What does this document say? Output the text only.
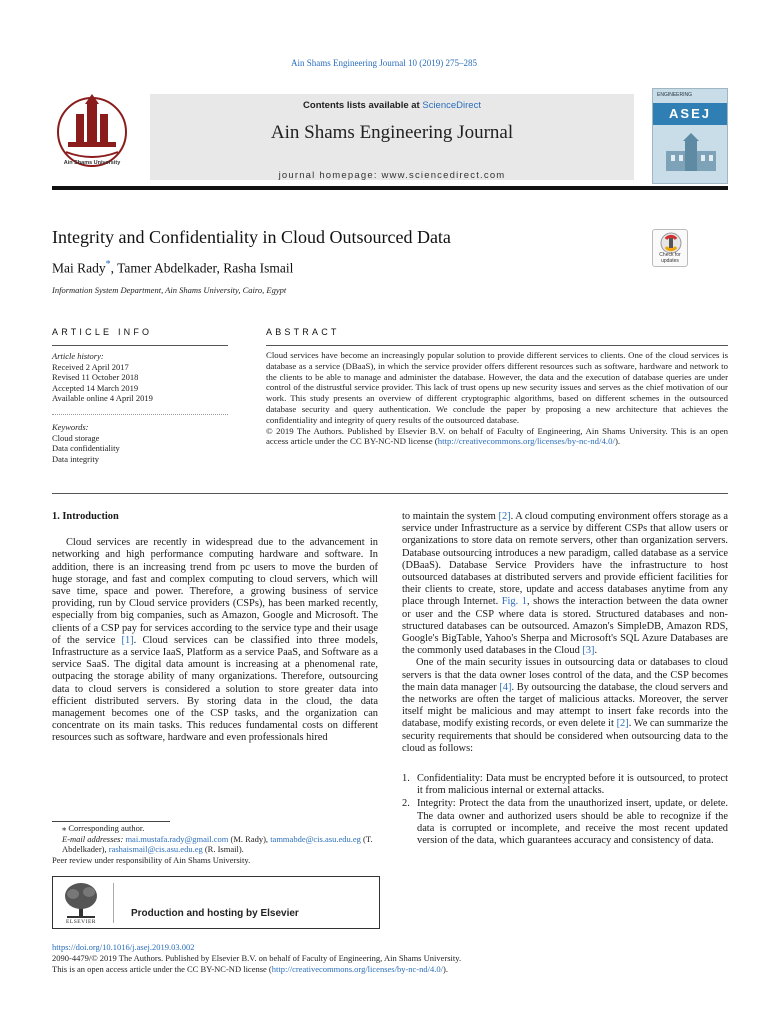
Ain Shams Engineering Journal 10 (2019) 275–285
Ain Shams University
Contents lists available at ScienceDirect
Ain Shams Engineering Journal
journal homepage: www.sciencedirect.com
ENGINEERING
ASEJ
Integrity and Confidentiality in Cloud Outsourced Data
Check for updates
Mai Rady*, Tamer Abdelkader, Rasha Ismail
Information System Department, Ain Shams University, Cairo, Egypt
ARTICLE INFO	ABSTRACT
Article history:
Received 2 April 2017
Revised 11 October 2018
Accepted 14 March 2019
Available online 4 April 2019
Keywords:
Cloud storage
Data confidentiality
Data integrity

Cloud services have become an increasingly popular solution to provide different services to clients. One of the cloud services is database as a service (DBaaS), in which the service provider offers different resources such as software, hardware and network to the clients to be able to manage and administer the database. However, the data and the execution of database queries are under control of the distrustful service provider. This lack of trust opens up new security issues and serves as the chief motivation of our work. This study presents an overview of different cryptographic algorithms, based on different schemes in the outsourced database security and query authentication. We conclude the paper by proposing a new architecture that achieves the confidentiality and integrity of query results of the outsourced database.

© 2019 The Authors. Published by Elsevier B.V. on behalf of Faculty of Engineering, Ain Shams University. This is an open access article under the CC BY-NC-ND license (http://creativecommons.org/licenses/by-nc-nd/4.0/).

1. Introduction

Cloud services are recently in widespread due to the advancement in networking and high performance computing hardware and software. In addition, there is an increasing trend from pc users to move the burden of huge storage, and fast and complex computing to cloud servers, which will save time, space and power. Therefore, a growing business of service providing, run by Cloud service providers (CSPs), has been marked recently, especially from big companies, such as Amazon, Google and Microsoft. The clients of a CSP pay for services according to the service type and their usage of the service [1]. Cloud services can be classified into three models, Infrastructure as a service IaaS, Platform as a service PaaS, and Software as a service SaaS. The digital data amount is increasing at a phenomenal rate, outpacing the storage ability of many organizations. Therefore, outsourcing data to cloud servers is considered a solution to store greater data into efficient distributed servers. By storing data in the cloud, the data management becomes one of the CSP tasks, and the organization can concentrate on its main tasks. This reduces fundamental costs on different resources such as software, hardware and even professionals hired

to maintain the system [2]. A cloud computing environment offers storage as a service under Infrastructure as a service by different CSPs that allow users or organizations to store data on remote servers, other than organization servers. Database outsourcing introduces a new paradigm, called database as a service (DBaaS). Database Service Providers have the infrastructure to host outsourced databases at distributed servers and provide efficient facilities for their clients to create, store, update and access databases anytime from any place through Internet. Fig. 1, shows the interaction between the data owner or user and the CSP where data is stored. Structured databases and non-structured databases can be outsourced. Amazon's SimpleDB, Amazon RDS, Google's BigTable, Yahoo's Sherpa and Microsoft's SQL Azure Databases are the commonly used databases in the Cloud [3].

One of the main security issues in outsourcing data or databases to cloud servers is that the data owner loses control of the data, and the CSP becomes the main data manager [4]. By outsourcing the database, the cloud servers and the networks are often the target of malicious attacks. Moreover, the server itself might be malicious and may attempt to insert fake records into the database, modify existing records, or even delete it [2]. We can summarize the security requirements that should be considered when outsourcing data to the cloud as follows:

1. Confidentiality: Data must be encrypted before it is outsourced, to protect it from malicious internal or external attacks.
2. Integrity: Protect the data from the unauthorized insert, update, or delete. The data owner and authorized users should be able to recognize if the data is corrupted or incomplete, and receive the most recent updated version of the data, which guarantees accuracy and consistency of data.
⁎ Corresponding author.
E-mail addresses: mai.mustafa.rady@gmail.com (M. Rady), tammabde@cis.asu.edu.eg (T. Abdelkader), rashaismail@cis.asu.edu.eg (R. Ismail).
Peer review under responsibility of Ain Shams University.
ELSEVIER
Production and hosting by Elsevier
https://doi.org/10.1016/j.asej.2019.03.002
2090-4479/© 2019 The Authors. Published by Elsevier B.V. on behalf of Faculty of Engineering, Ain Shams University.
This is an open access article under the CC BY-NC-ND license (http://creativecommons.org/licenses/by-nc-nd/4.0/).
